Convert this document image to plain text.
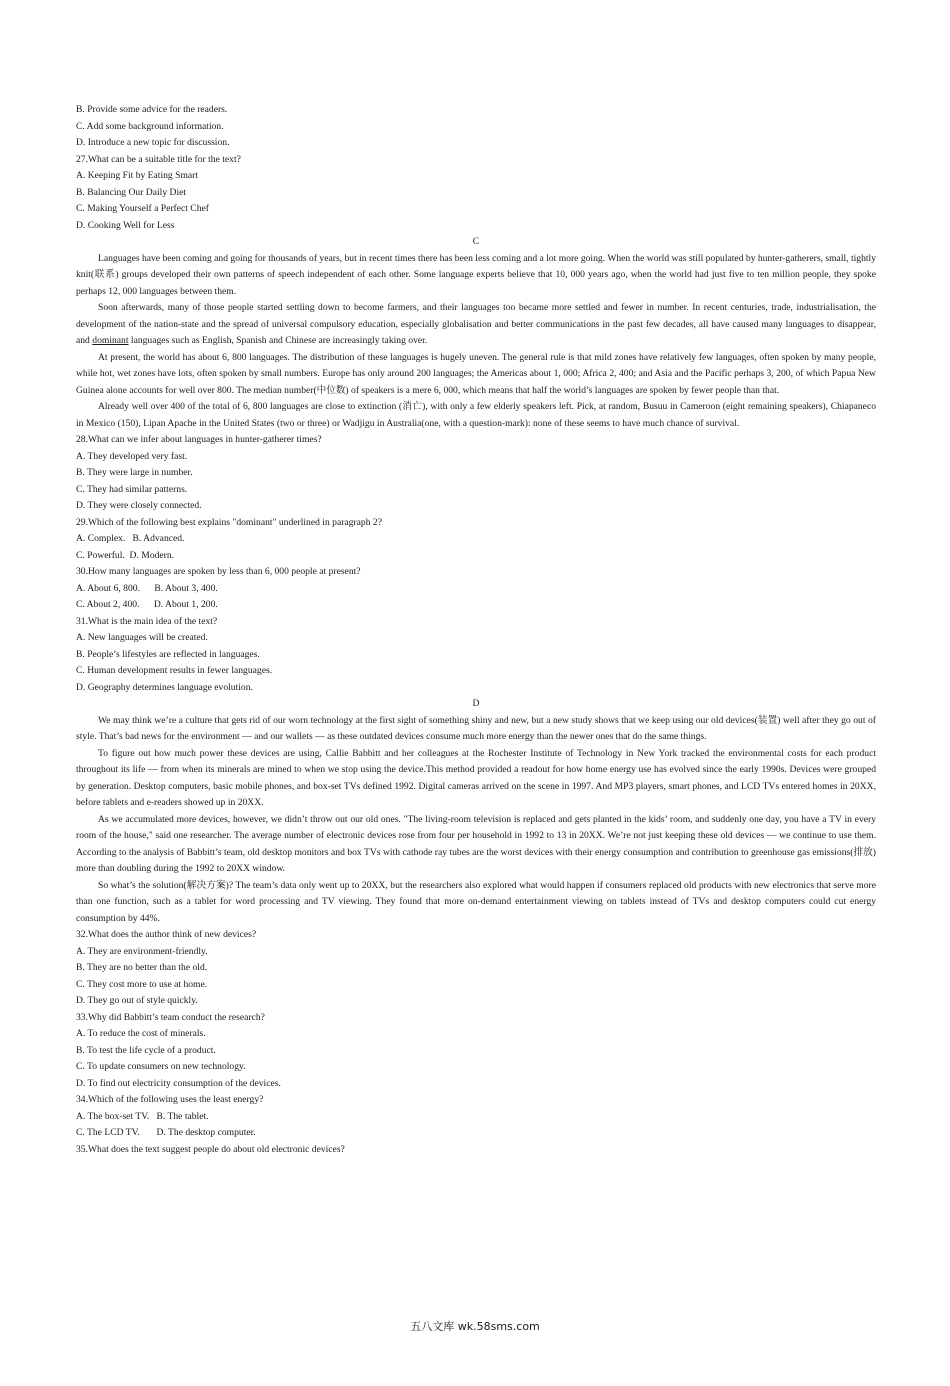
B. Provide some advice for the readers.
C. Add some background information.
D. Introduce a new topic for discussion.
27.What can be a suitable title for the text?
A. Keeping Fit by Eating Smart
B. Balancing Our Daily Diet
C. Making Yourself a Perfect Chef
D. Cooking Well for Less
C

Languages have been coming and going for thousands of years, but in recent times there has been less coming and a lot more going. When the world was still populated by hunter-gatherers, small, tightly knit(联系) groups developed their own patterns of speech independent of each other. Some language experts believe that 10, 000 years ago, when the world had just five to ten million people, they spoke perhaps 12, 000 languages between them.

Soon afterwards, many of those people started settling down to become farmers, and their languages too became more settled and fewer in number. In recent centuries, trade, industrialisation, the development of the nation-state and the spread of universal compulsory education, especially globalisation and better communications in the past few decades, all have caused many languages to disappear, and dominant languages such as English, Spanish and Chinese are increasingly taking over.

At present, the world has about 6, 800 languages. The distribution of these languages is hugely uneven. The general rule is that mild zones have relatively few languages, often spoken by many people, while hot, wet zones have lots, often spoken by small numbers. Europe has only around 200 languages; the Americas about 1, 000; Africa 2, 400; and Asia and the Pacific perhaps 3, 200, of which Papua New Guinea alone accounts for well over 800. The median number(中位数) of speakers is a mere 6, 000, which means that half the world’s languages are spoken by fewer people than that.

Already well over 400 of the total of 6, 800 languages are close to extinction (消亡), with only a few elderly speakers left. Pick, at random, Busuu in Cameroon (eight remaining speakers), Chiapaneco in Mexico (150), Lipan Apache in the United States (two or three) or Wadjigu in Australia(one, with a question-mark): none of these seems to have much chance of survival.

28.What can we infer about languages in hunter-gatherer times?
A. They developed very fast.
B. They were large in number.
C. They had similar patterns.
D. They were closely connected.
29.Which of the following best explains "dominant" underlined in paragraph 2?
A. Complex.   B. Advanced.
C. Powerful.  D. Modern.
30.How many languages are spoken by less than 6, 000 people at present?
A. About 6, 800.      B. About 3, 400.
C. About 2, 400.      D. About 1, 200.
31.What is the main idea of the text?
A. New languages will be created.
B. People’s lifestyles are reflected in languages.
C. Human development results in fewer languages.
D. Geography determines language evolution.
D

We may think we’re a culture that gets rid of our worn technology at the first sight of something shiny and new, but a new study shows that we keep using our old devices(装置) well after they go out of style. That’s bad news for the environment — and our wallets — as these outdated devices consume much more energy than the newer ones that do the same things.

To figure out how much power these devices are using, Callie Babbitt and her colleagues at the Rochester Institute of Technology in New York tracked the environmental costs for each product throughout its life — from when its minerals are mined to when we stop using the device.This method provided a readout for how home energy use has evolved since the early 1990s. Devices were grouped by generation. Desktop computers, basic mobile phones, and box-set TVs defined 1992. Digital cameras arrived on the scene in 1997. And MP3 players, smart phones, and LCD TVs entered homes in 20XX, before tablets and e-readers showed up in 20XX.

As we accumulated more devices, however, we didn’t throw out our old ones. "The living-room television is replaced and gets planted in the kids’ room, and suddenly one day, you have a TV in every room of the house," said one researcher. The average number of electronic devices rose from four per household in 1992 to 13 in 20XX. We’re not just keeping these old devices — we continue to use them. According to the analysis of Babbitt’s team, old desktop monitors and box TVs with cathode ray tubes are the worst devices with their energy consumption and contribution to greenhouse gas emissions(排放) more than doubling during the 1992 to 20XX window.

So what’s the solution(解决方案)? The team’s data only went up to 20XX, but the researchers also explored what would happen if consumers replaced old products with new electronics that serve more than one function, such as a tablet for word processing and TV viewing. They found that more on-demand entertainment viewing on tablets instead of TVs and desktop computers could cut energy consumption by 44%.

32.What does the author think of new devices?
A. They are environment-friendly.
B. They are no better than the old.
C. They cost more to use at home.
D. They go out of style quickly.
33.Why did Babbitt’s team conduct the research?
A. To reduce the cost of minerals.
B. To test the life cycle of a product.
C. To update consumers on new technology.
D. To find out electricity consumption of the devices.
34.Which of the following uses the least energy?
A. The box-set TV.   B. The tablet.
C. The LCD TV.       D. The desktop computer.
35.What does the text suggest people do about old electronic devices?
五八文库 wk.58sms.com
